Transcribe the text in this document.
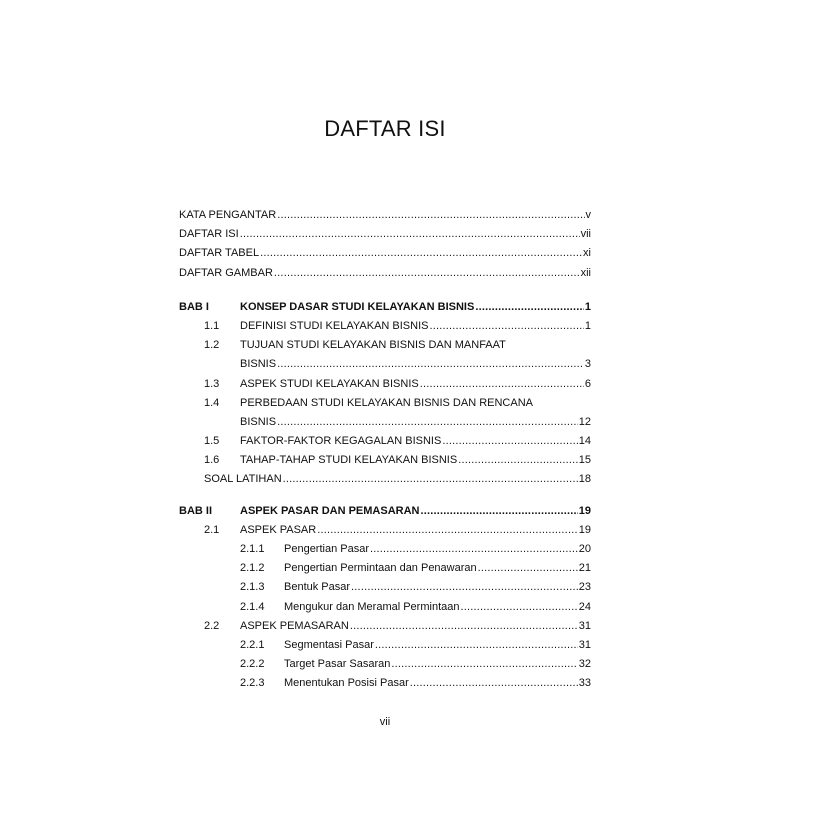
DAFTAR ISI
KATA PENGANTAR .....	v
DAFTAR ISI .....	vii
DAFTAR TABEL .....	xi
DAFTAR GAMBAR .....	xii
BAB I	KONSEP DASAR STUDI KELAYAKAN BISNIS .....	1
1.1 DEFINISI STUDI KELAYAKAN BISNIS .....	1
1.2 TUJUAN STUDI KELAYAKAN BISNIS DAN MANFAAT
BISNIS .....	3
1.3 ASPEK STUDI KELAYAKAN BISNIS .....	6
1.4 PERBEDAAN STUDI KELAYAKAN BISNIS DAN RENCANA
BISNIS .....	12
1.5 FAKTOR-FAKTOR KEGAGALAN BISNIS .....	14
1.6 TAHAP-TAHAP STUDI KELAYAKAN BISNIS .....	15
SOAL LATIHAN .....	18
BAB II	ASPEK PASAR DAN PEMASARAN .....	19
2.1 ASPEK PASAR .....	19
2.1.1 Pengertian Pasar .....	20
2.1.2 Pengertian Permintaan dan Penawaran .....	21
2.1.3 Bentuk Pasar .....	23
2.1.4 Mengukur dan Meramal Permintaan .....	24
2.2 ASPEK PEMASARAN .....	31
2.2.1 Segmentasi Pasar .....	31
2.2.2 Target Pasar Sasaran .....	32
2.2.3 Menentukan Posisi Pasar .....	33
vii
